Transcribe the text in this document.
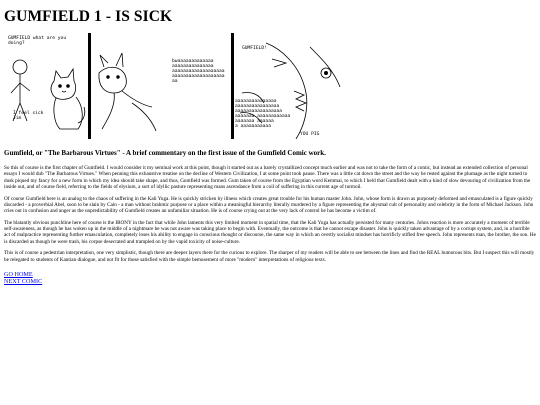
GUMFIELD 1 - IS SICK
GUMFIELD what are you
doing?
I feel sick
Jim
bwaaaaaaaaaaaaa
aaaaaaaaaaaaaaa
aaaaaaaaaaaaaaaaaaa
aaaaaaaaaaaaaaaaaaa
aa
GUMFIELD!
aaaaaaaaaaaaaaa
aaaaaaaaaaaaaaaa
aaaaaaaaaaaaaaaaa
aaaaaaa aaaaaaaaaaaa
aaaaaaa aaaaaa
a aaaaaaaaaaa
YOU PIG
Gumfield, or "The Barbarous Virtues" - A brief commentary on the first issue of the Gumfield Comic work.

So this of course is the first chapter of Gumfield. I would consider it my seminal work at this point, though it started out as a barely crystallized concept much earlier and was not to take the form of a comic, but instead an extended collection of personal essays I would dub "The Barbarous Virtues." When penning this exhaustive treatise on the decline of Western Civilization, I at some point took pause. There was a little cat down the street and the way he rested against the plumage as the night turned to dusk piqued my fancy for a new form in which my idea should take shape, and thus, Gumfield was formed. Gum taken of course from the Egyptian word Kemmai, to which I held that Gumfield dealt with a kind of slow devouring of civilization from the inside out, and of course field, referring to the fields of elysium, a sort of idyllic pasture representing mans ascendance from a coil of suffering in this current age of turmoil.

Of course Gumfield here is an analog to the chaos of suffering in the Kali Yuga. He is quickly stricken by illness which creates great trouble for his human master John. John, whose form is drawn as purposely deformed and emasculated is a figure quickly discarded - a proverbial Abel, soon to be slain by Cain - a man without brahmic purpose or a place within a meaningful hierarchy literally murdered by a figure representing the abysmal cult of personality and celebrity in the form of Michael Jackson. John cries out in confusion and anger as the unpredictability of Gumfield creates an unfamiliar situation. He is of course crying out at the very lack of control he has become a victim of.

The blatantly obvious punchline here of course is the IRONY in the fact that while John laments this very limited moment in spatial time, that the Kali Yuga has actually persisted for many centuries. Johns reaction is more accurately a moment of terrible self-awareness, as though he has woken up in the middle of a nightmare he was not aware was taking place to begin with. Eventually, the outcome is that he cannot escape disaster. John is quickly taken advantage of by a corrupt system, and, in a horrible act of malpractice representing further emasculation, completely loses his ability to engage in conscious thought or discourse, the same way in which an overtly socialist mindset has horrificly stifled free speech. John represents man, the brother, the son. He is discarded as though he were trash, his corpse desecrated and trampled on by the vapid toxicity of noise-culture.

This is of course a pedestrian interpretation, one very simplistic, though there are deeper layers there for the curious to explore. The sharper of my readers will be able to see between the lines and find the REAL humorous bits. But I suspect this will mostly be relegated to students of Kantian dialogue, and not fit for those satisfied with the simple bemusement of more "modern" interpretations of religious texts.

GO HOME
NEXT COMIC
